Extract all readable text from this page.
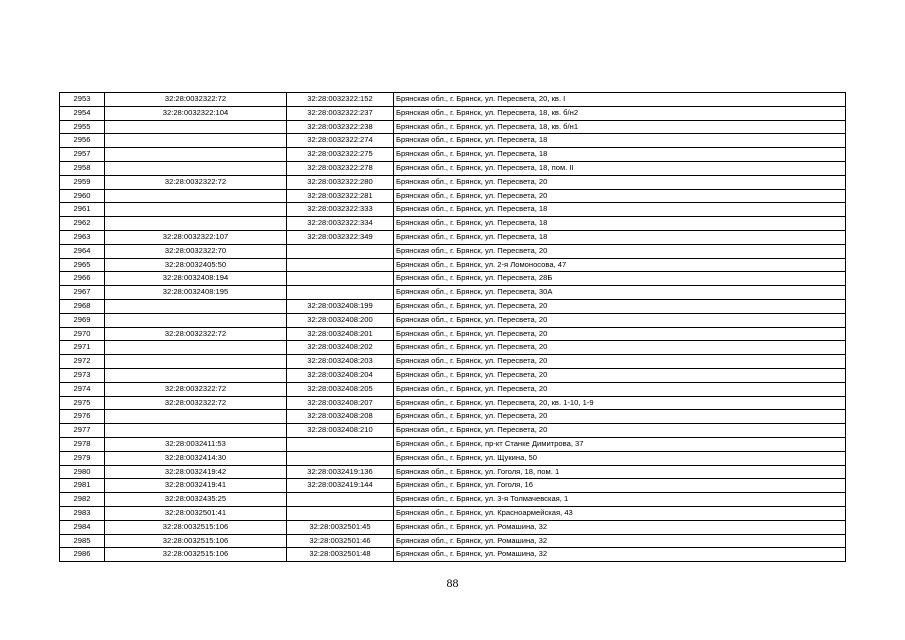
2953	32:28:0032322:72	32:28:0032322:152	Брянская обл., г. Брянск, ул. Пересвета, 20, кв. I
2954	32:28:0032322:104	32:28:0032322:237	Брянская обл., г. Брянск, ул. Пересвета, 18, кв. б/н2
2955		32:28:0032322:238	Брянская обл., г. Брянск, ул. Пересвета, 18, кв. б/н1
2956		32:28:0032322:274	Брянская обл., г. Брянск, ул. Пересвета, 18
2957		32:28:0032322:275	Брянская обл., г. Брянск, ул. Пересвета, 18
2958		32:28:0032322:278	Брянская обл., г. Брянск, ул. Пересвета, 18, пом. II
2959	32:28:0032322:72	32:28:0032322:280	Брянская обл., г. Брянск, ул. Пересвета, 20
2960		32:28:0032322:281	Брянская обл., г. Брянск, ул. Пересвета, 20
2961		32:28:0032322:333	Брянская обл., г. Брянск, ул. Пересвета, 18
2962		32:28:0032322:334	Брянская обл., г. Брянск, ул. Пересвета, 18
2963	32:28:0032322:107	32:28:0032322:349	Брянская обл., г. Брянск, ул. Пересвета, 18
2964	32:28:0032322:70		Брянская обл., г. Брянск, ул. Пересвета, 20
2965	32:28:0032405:50		Брянская обл., г. Брянск, ул. 2-я Ломоносова, 47
2966	32:28:0032408:194		Брянская обл., г. Брянск, ул. Пересвета, 28Б
2967	32:28:0032408:195		Брянская обл., г. Брянск, ул. Пересвета, 30А
2968		32:28:0032408:199	Брянская обл., г. Брянск, ул. Пересвета, 20
2969		32:28:0032408:200	Брянская обл., г. Брянск, ул. Пересвета, 20
2970	32:28:0032322:72	32:28:0032408:201	Брянская обл., г. Брянск, ул. Пересвета, 20
2971		32:28:0032408:202	Брянская обл., г. Брянск, ул. Пересвета, 20
2972		32:28:0032408:203	Брянская обл., г. Брянск, ул. Пересвета, 20
2973		32:28:0032408:204	Брянская обл., г. Брянск, ул. Пересвета, 20
2974	32:28:0032322:72	32:28:0032408:205	Брянская обл., г. Брянск, ул. Пересвета, 20
2975	32:28:0032322:72	32:28:0032408:207	Брянская обл., г. Брянск, ул. Пересвета, 20, кв. 1-10, 1-9
2976		32:28:0032408:208	Брянская обл., г. Брянск, ул. Пересвета, 20
2977		32:28:0032408:210	Брянская обл., г. Брянск, ул. Пересвета, 20
2978	32:28:0032411:53		Брянская обл., г. Брянск, пр-кт Станке Димитрова, 37
2979	32:28:0032414:30		Брянская обл., г. Брянск, ул. Щукина, 50
2980	32:28:0032419:42	32:28:0032419:136	Брянская обл., г. Брянск, ул. Гоголя, 18, пом. 1
2981	32:28:0032419:41	32:28:0032419:144	Брянская обл., г. Брянск, ул. Гоголя, 16
2982	32:28:0032435:25		Брянская обл., г. Брянск, ул. 3-я Толмачевская, 1
2983	32:28:0032501:41		Брянская обл., г. Брянск, ул. Красноармейская, 43
2984	32:28:0032515:106	32:28:0032501:45	Брянская обл., г. Брянск, ул. Ромашина, 32
2985	32:28:0032515:106	32:28:0032501:46	Брянская обл., г. Брянск, ул. Ромашина, 32
2986	32:28:0032515:106	32:28:0032501:48	Брянская обл., г. Брянск, ул. Ромашина, 32
88
